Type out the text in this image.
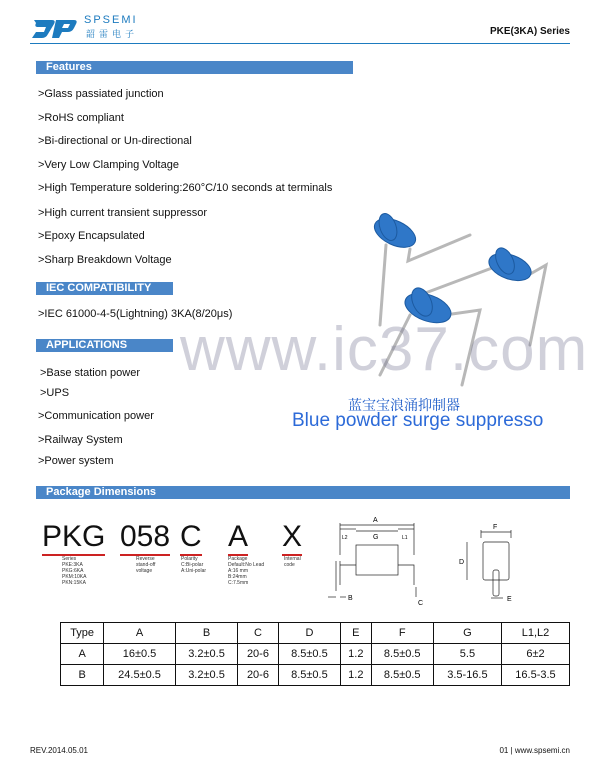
SPSEMI
韶雷电子	PKE(3KA) Series
Features
>Glass passiated junction
>RoHS compliant
>Bi-directional or Un-directional
>Very Low Clamping Voltage
>High Temperature soldering:260°C/10 seconds at terminals
>High current transient suppressor
>Epoxy Encapsulated
>Sharp Breakdown Voltage
IEC COMPATIBILITY
>IEC 61000-4-5(Lightning) 3KA(8/20μs)
APPLICATIONS
>Base station power
>UPS
>Communication power
>Railway System
>Power system
www.ic37.com
蓝宝宝浪涌抑制器
Blue powder surge suppresso
Package Dimensions
PKG 058 C A X
Series
PKE:3KA
PKG:6KA
PKM:10KA
PKN:15KA
Reverse
stand-off
voltage
Polarity
C:Bi-polar
A:Uni-polar
Package
Default:No Lead
A:16 mm
B:24mm
C:7.5mm
Internal
code
A
G
L2	L1
B
C
F
D
E
Type	A	B	C	D	E	F	G	L1,L2
A	16±0.5	3.2±0.5	20-6	8.5±0.5	1.2	8.5±0.5	5.5	6±2
B	24.5±0.5	3.2±0.5	20-6	8.5±0.5	1.2	8.5±0.5	3.5-16.5	16.5-3.5
REV.2014.05.01	01 | www.spsemi.cn
